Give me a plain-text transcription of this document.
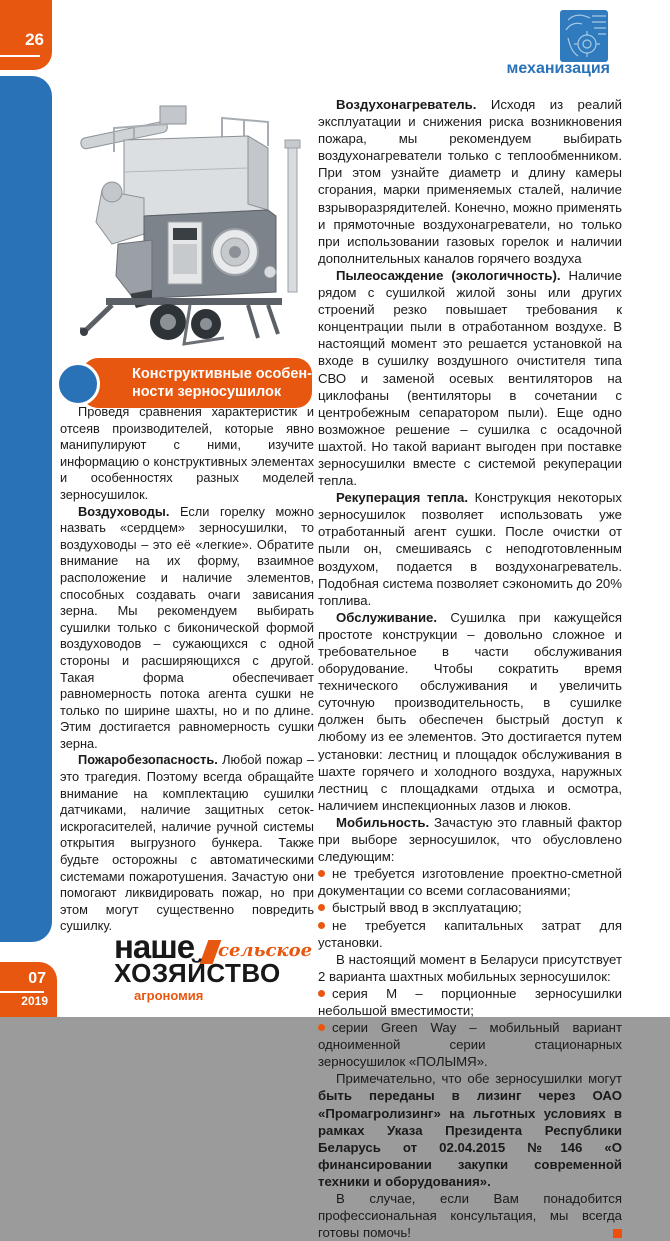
26
07
2019
механизация
Конструктивные особен-
ности зерносушилок

Проведя сравнения характеристик и отсеяв производителей, которые явно манипулируют с ними, изучите информацию о конструктивных элементах и особенностях разных моделей зерносушилок.

Воздуховоды. Если горелку можно назвать «сердцем» зерносушилки, то воздуховоды – это её «легкие». Обратите внимание на их форму, взаимное расположение и наличие элементов, способных создавать очаги зависания зерна. Мы рекомендуем выбирать сушилки только с биконической формой воздуховодов – сужающихся с одной стороны и расширяющихся с другой. Такая форма обеспечивает равномерность потока агента сушки не только по ширине шахты, но и по длине. Этим достигается равномерность сушки зерна.

Пожаробезопасность. Любой пожар – это трагедия. Поэтому всегда обращайте внимание на комплектацию сушилки датчиками, наличие защитных сеток-искрогасителей, наличие ручной системы открытия выгрузного бункера. Также будьте осторожны с автоматическими системами пожаротушения. Зачастую они помогают ликвидировать пожар, но при этом могут существенно повредить сушилку.

Воздухонагреватель. Исходя из реалий эксплуатации и снижения риска возникновения пожара, мы рекомендуем выбирать воздухонагреватели только с теплообменником. При этом узнайте диаметр и длину камеры сгорания, марки применяемых сталей, наличие взрыворазрядителей. Конечно, можно применять и прямоточные воздухонагреватели, но только при использовании газовых горелок и наличии дополнительных каналов горячего воздуха

Пылеосаждение (экологичность). Наличие рядом с сушилкой жилой зоны или других строений резко повышает требования к концентрации пыли в отработанном воздухе. В настоящий момент это решается установкой на входе в сушилку воздушного очистителя типа СВО и заменой осевых вентиляторов на циклофаны (вентиляторы в сочетании с центробежным сепаратором пыли). Еще одно возможное решение – сушилка с осадочной шахтой. Но такой вариант выгоден при поставке зерносушилки вместе с системой рекуперации тепла.

Рекуперация тепла. Конструкция некоторых зерносушилок позволяет использовать уже отработанный агент сушки. После очистки от пыли он, смешиваясь с неподготовленным воздухом, подается в воздухонагреватель. Подобная система позволяет сэкономить до 20% топлива.

Обслуживание. Сушилка при кажущейся простоте конструкции – довольно сложное и требовательное в части обслуживания оборудование. Чтобы сократить время технического обслуживания и увеличить суточную производительность, в сушилке должен быть обеспечен быстрый доступ к любому из ее элементов. Это достигается путем установки: лестниц и площадок обслуживания в шахте горячего и холодного воздуха, наружных лестниц с площадками отдыха и осмотра, наличием инспекционных лазов и люков.

Мобильность. Зачастую это главный фактор при выборе зерносушилок, что обусловлено следующим:

не требуется изготовление проектно-сметной документации со всеми согласованиями;

быстрый ввод в эксплуатацию;

не требуется капитальных затрат для установки.

В настоящий момент в Беларуси присутствует 2 варианта шахтных мобильных зерносушилок:

серия М – порционные зерносушилки небольшой вместимости;

серии Green Way – мобильный вариант одноименной серии стационарных зерносушилок «ПОЛЫМЯ».

Примечательно, что обе зерносушилки могут быть переданы в лизинг через ОАО «Промагролизинг» на льготных условиях в рамках Указа Президента Республики Беларусь от 02.04.2015 №146 «О финансировании закупки современной техники и оборудования».

В случае, если Вам понадобится профессиональная консультация, мы всегда готовы помочь!

наше сельское
ХОЗЯЙСТВО
агрономия
